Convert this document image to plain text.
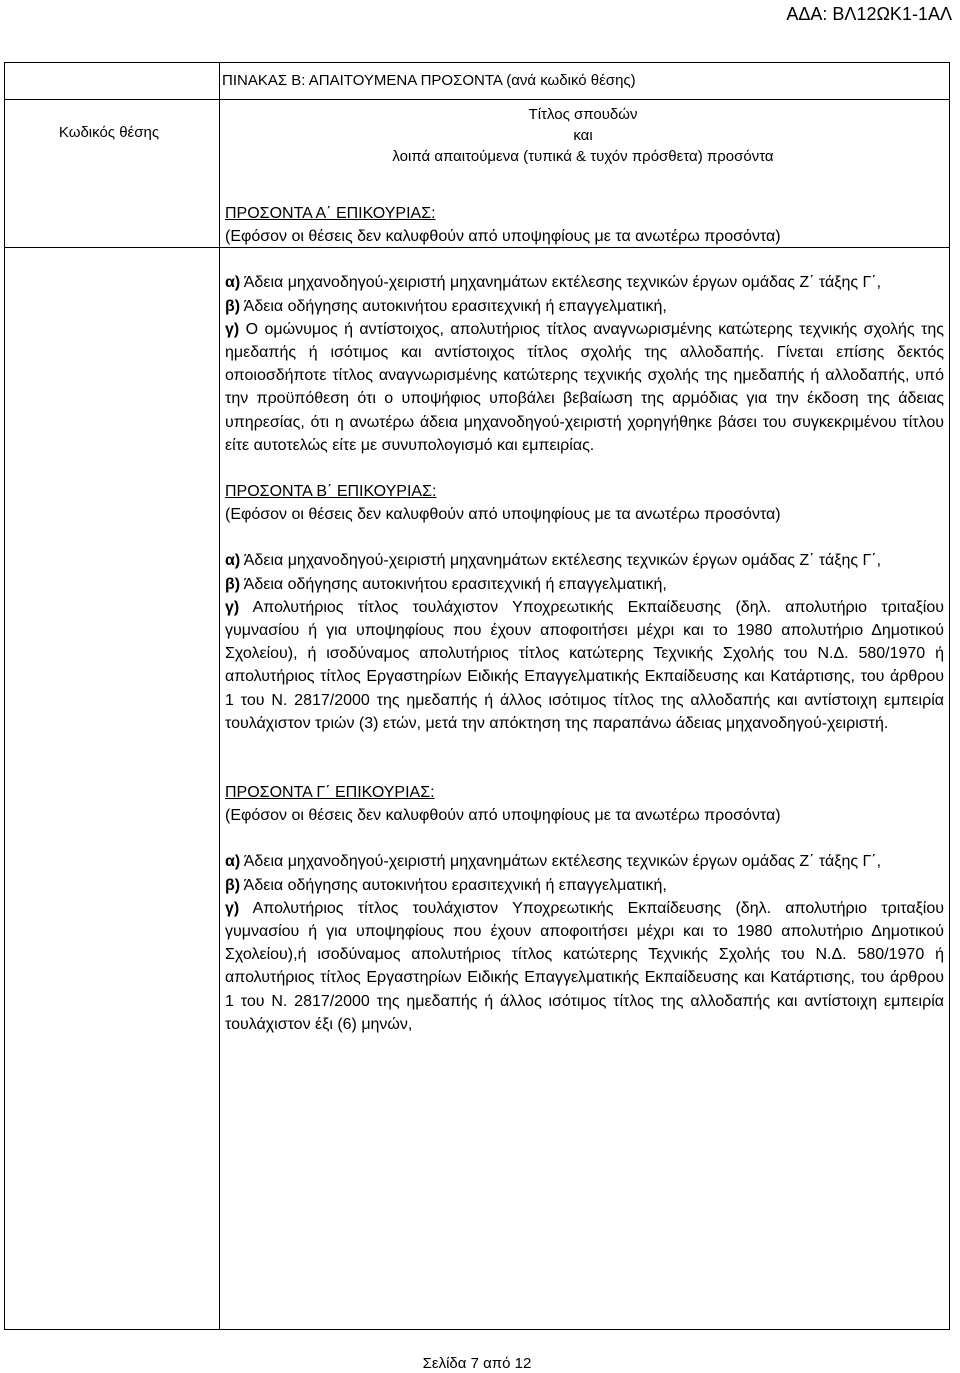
ΑΔΑ: ΒΛ12ΩΚ1-1ΑΛ
ΠΙΝΑΚΑΣ Β: ΑΠΑΙΤΟΥΜΕΝΑ ΠΡΟΣΟΝΤΑ (ανά κωδικό θέσης)
Κωδικός θέσης
Τίτλος σπουδών
και
λοιπά απαιτούμενα (τυπικά & τυχόν πρόσθετα) προσόντα

ΠΡΟΣΟΝΤΑ Α΄ ΕΠΙΚΟΥΡΙΑΣ:

(Εφόσον οι θέσεις δεν καλυφθούν από υποψηφίους με τα ανωτέρω προσόντα)

α) Άδεια μηχανοδηγού-χειριστή μηχανημάτων εκτέλεσης τεχνικών έργων ομάδας Ζ΄ τάξης Γ΄,

β) Άδεια οδήγησης αυτοκινήτου ερασιτεχνική ή επαγγελματική,

γ) Ο ομώνυμος ή αντίστοιχος, απολυτήριος τίτλος αναγνωρισμένης κατώτερης τεχνικής σχολής της ημεδαπής ή ισότιμος και αντίστοιχος τίτλος σχολής της αλλοδαπής. Γίνεται επίσης δεκτός οποιοσδήποτε τίτλος αναγνωρισμένης κατώτερης τεχνικής σχολής της ημεδαπής ή αλλοδαπής, υπό την προϋπόθεση ότι ο υποψήφιος υποβάλει βεβαίωση της αρμόδιας για την έκδοση της άδειας υπηρεσίας, ότι η ανωτέρω άδεια μηχανοδηγού-χειριστή χορηγήθηκε βάσει του συγκεκριμένου τίτλου είτε αυτοτελώς είτε με συνυπολογισμό και εμπειρίας.

ΠΡΟΣΟΝΤΑ Β΄ ΕΠΙΚΟΥΡΙΑΣ:

(Εφόσον οι θέσεις δεν καλυφθούν από υποψηφίους με τα ανωτέρω προσόντα)

α) Άδεια μηχανοδηγού-χειριστή μηχανημάτων εκτέλεσης τεχνικών έργων ομάδας Ζ΄ τάξης Γ΄,

β) Άδεια οδήγησης αυτοκινήτου ερασιτεχνική ή επαγγελματική,

γ) Απολυτήριος τίτλος τουλάχιστον Υποχρεωτικής Εκπαίδευσης (δηλ. απολυτήριο τριταξίου γυμνασίου ή για υποψηφίους που έχουν αποφοιτήσει μέχρι και το 1980 απολυτήριο Δημοτικού Σχολείου), ή ισοδύναμος απολυτήριος τίτλος κατώτερης Τεχνικής Σχολής του Ν.Δ. 580/1970 ή απολυτήριος τίτλος Εργαστηρίων Ειδικής Επαγγελματικής Εκπαίδευσης και Κατάρτισης, του άρθρου 1 του Ν. 2817/2000 της ημεδαπής ή άλλος ισότιμος τίτλος της αλλοδαπής και αντίστοιχη εμπειρία τουλάχιστον τριών (3) ετών, μετά την απόκτηση της παραπάνω άδειας μηχανοδηγού-χειριστή.

ΠΡΟΣΟΝΤΑ Γ΄ ΕΠΙΚΟΥΡΙΑΣ:

(Εφόσον οι θέσεις δεν καλυφθούν από υποψηφίους με τα ανωτέρω προσόντα)

α) Άδεια μηχανοδηγού-χειριστή μηχανημάτων εκτέλεσης τεχνικών έργων ομάδας Ζ΄ τάξης Γ΄,

β) Άδεια οδήγησης αυτοκινήτου ερασιτεχνική ή επαγγελματική,

γ) Απολυτήριος τίτλος τουλάχιστον Υποχρεωτικής Εκπαίδευσης (δηλ. απολυτήριο τριταξίου γυμνασίου ή για υποψηφίους που έχουν αποφοιτήσει μέχρι και το 1980 απολυτήριο Δημοτικού Σχολείου),ή ισοδύναμος απολυτήριος τίτλος κατώτερης Τεχνικής Σχολής του Ν.Δ. 580/1970 ή απολυτήριος τίτλος Εργαστηρίων Ειδικής Επαγγελματικής Εκπαίδευσης και Κατάρτισης, του άρθρου 1 του Ν. 2817/2000 της ημεδαπής ή άλλος ισότιμος τίτλος της αλλοδαπής και αντίστοιχη εμπειρία τουλάχιστον έξι (6) μηνών,

Σελίδα 7 από 12
